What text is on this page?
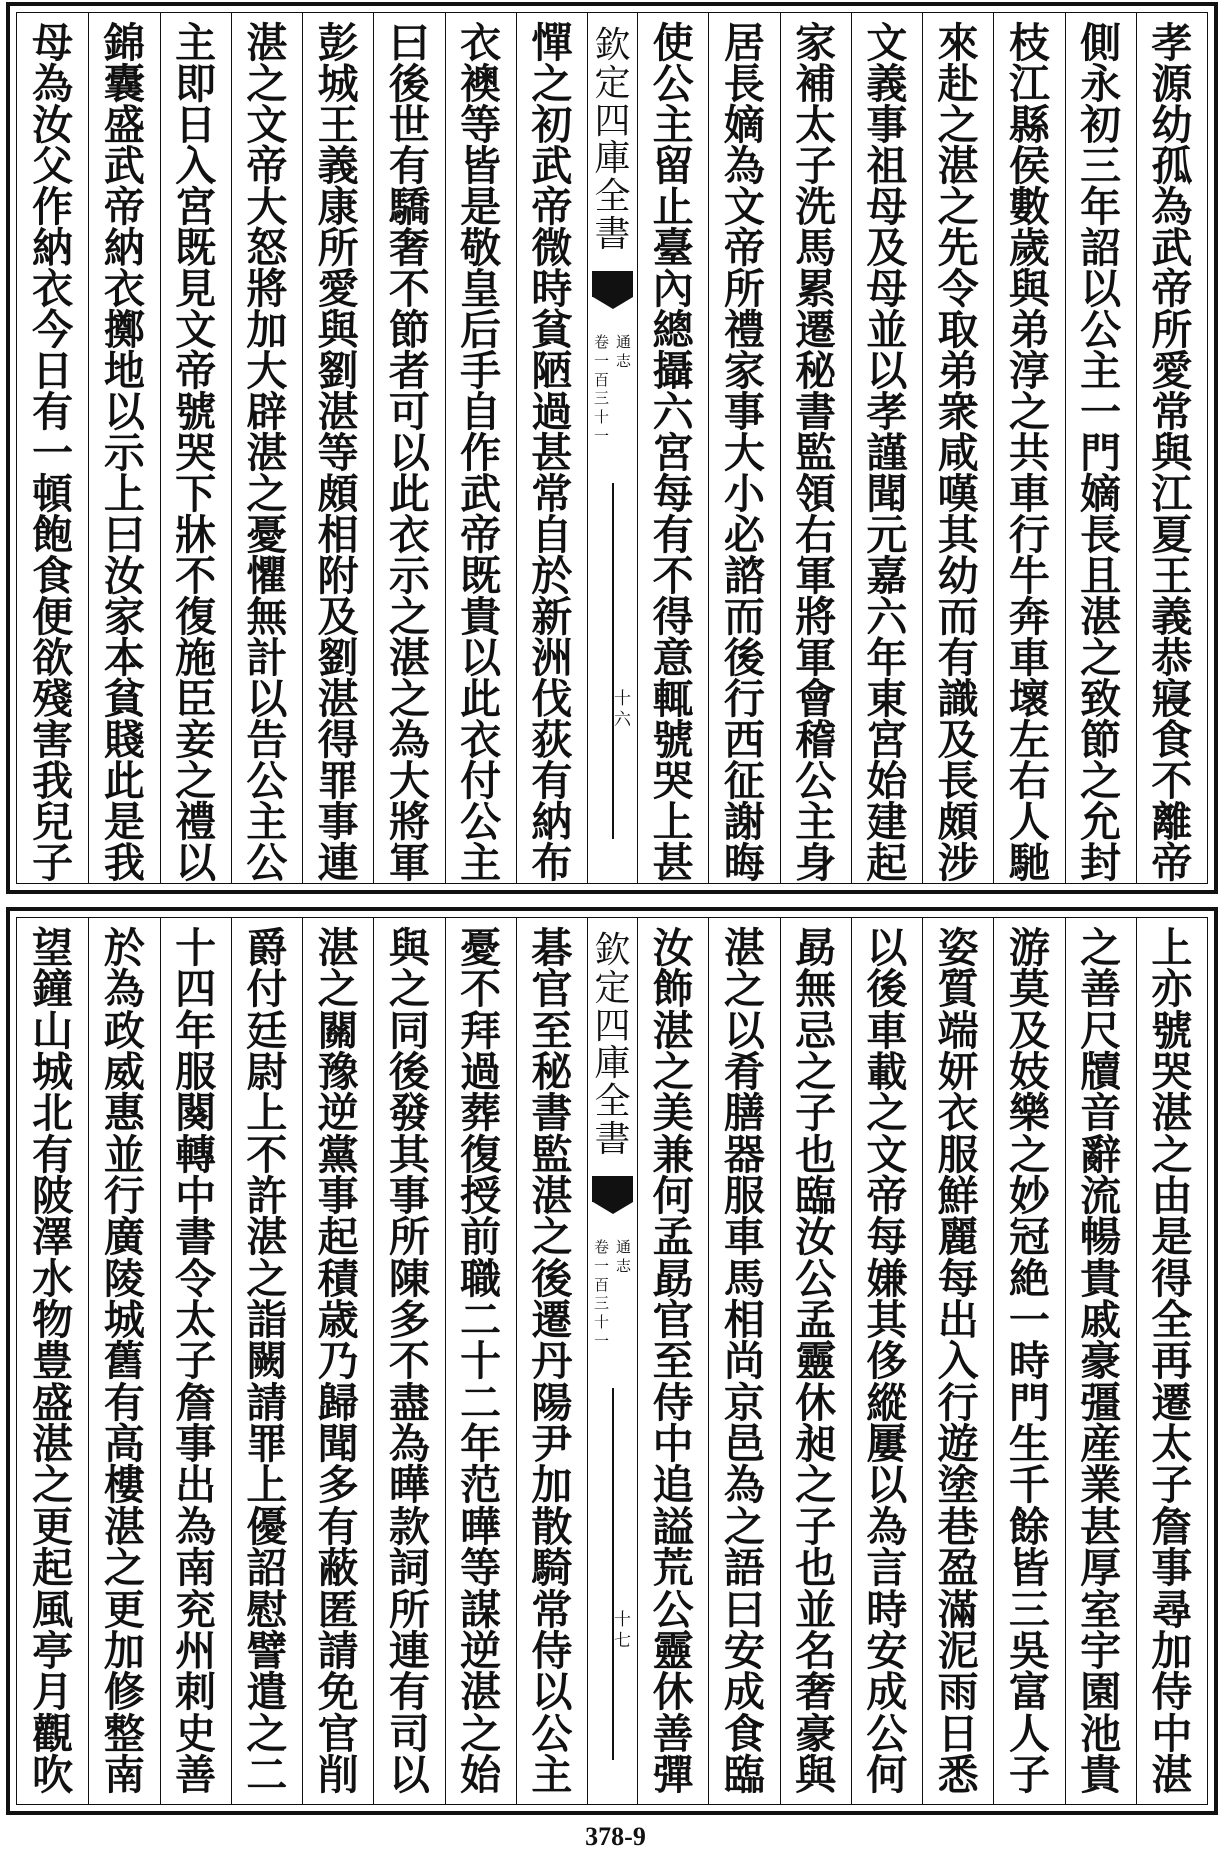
孝
源
幼
孤
為
武
帝
所
愛
常
與
江
夏
王
義
恭
寢
食
不
離
帝
側
永
初
三
年
詔
以
公
主
一
門
嫡
長
且
湛
之
致
節
之
允
封
枝
江
縣
侯
數
歲
與
弟
淳
之
共
車
行
牛
奔
車
壞
左
右
人
馳
來
赴
之
湛
之
先
令
取
弟
衆
咸
嘆
其
幼
而
有
識
及
長
頗
涉
文
義
事
祖
母
及
母
並
以
孝
謹
聞
元
嘉
六
年
東
宮
始
建
起
家
補
太
子
洗
馬
累
遷
秘
書
監
領
右
軍
將
軍
會
稽
公
主
身
居
長
嫡
為
文
帝
所
禮
家
事
大
小
必
諮
而
後
行
西
征
謝
晦
使
公
主
留
止
臺
內
總
攝
六
宮
每
有
不
得
意
輒
號
哭
上
甚
欽
定
四
庫
全
書
通
志
卷
一
百
三
十
一
十
六
憚
之
初
武
帝
微
時
貧
陋
過
甚
常
自
於
新
洲
伐
荻
有
納
布
衣
襖
等
皆
是
敬
皇
后
手
自
作
武
帝
既
貴
以
此
衣
付
公
主
曰
後
世
有
驕
奢
不
節
者
可
以
此
衣
示
之
湛
之
為
大
將
軍
彭
城
王
義
康
所
愛
與
劉
湛
等
頗
相
附
及
劉
湛
得
罪
事
連
湛
之
文
帝
大
怒
將
加
大
辟
湛
之
憂
懼
無
計
以
告
公
主
公
主
即
日
入
宮
既
見
文
帝
號
哭
下
牀
不
復
施
臣
妾
之
禮
以
錦
囊
盛
武
帝
納
衣
擲
地
以
示
上
曰
汝
家
本
貧
賤
此
是
我
母
為
汝
父
作
納
衣
今
日
有
一
頓
飽
食
便
欲
殘
害
我
兒
子
上
亦
號
哭
湛
之
由
是
得
全
再
遷
太
子
詹
事
尋
加
侍
中
湛
之
善
尺
牘
音
辭
流
暢
貴
戚
豪
彊
産
業
甚
厚
室
宇
園
池
貴
游
莫
及
妓
樂
之
妙
冠
絶
一
時
門
生
千
餘
皆
三
吳
富
人
子
姿
質
端
妍
衣
服
鮮
麗
每
出
入
行
遊
塗
巷
盈
滿
泥
雨
日
悉
以
後
車
載
之
文
帝
每
嫌
其
侈
縱
屢
以
為
言
時
安
成
公
何
勗
無
忌
之
子
也
臨
汝
公
孟
靈
休
昶
之
子
也
並
名
奢
豪
與
湛
之
以
肴
膳
器
服
車
馬
相
尚
京
邑
為
之
語
曰
安
成
食
臨
汝
飾
湛
之
美
兼
何
孟
勗
官
至
侍
中
追
謚
荒
公
靈
休
善
彈
欽
定
四
庫
全
書
通
志
卷
一
百
三
十
一
十
七
碁
官
至
秘
書
監
湛
之
後
遷
丹
陽
尹
加
散
騎
常
侍
以
公
主
憂
不
拜
過
葬
復
授
前
職
二
十
二
年
范
曄
等
謀
逆
湛
之
始
與
之
同
後
發
其
事
所
陳
多
不
盡
為
曄
款
詞
所
連
有
司
以
湛
之
關
豫
逆
黨
事
起
積
歳
乃
歸
聞
多
有
蔽
匿
請
免
官
削
爵
付
廷
尉
上
不
許
湛
之
詣
闕
請
罪
上
優
詔
慰
譬
遣
之
二
十
四
年
服
闋
轉
中
書
令
太
子
詹
事
出
為
南
兖
州
刺
史
善
於
為
政
威
惠
並
行
廣
陵
城
舊
有
高
樓
湛
之
更
加
修
整
南
望
鐘
山
城
北
有
陂
澤
水
物
豊
盛
湛
之
更
起
風
亭
月
觀
吹
378-9
